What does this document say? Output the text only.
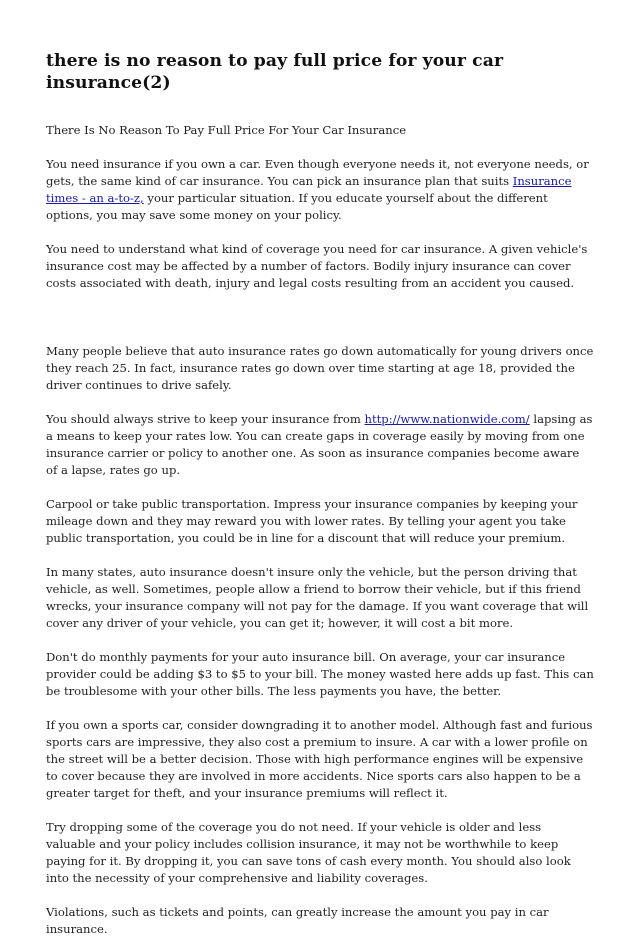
there is no reason to pay full price for your car insurance(2)
There Is No Reason To Pay Full Price For Your Car Insurance

You need insurance if you own a car. Even though everyone needs it, not everyone needs, or gets, the same kind of car insurance. You can pick an insurance plan that suits Insurance times - an a-to-z, your particular situation. If you educate yourself about the different options, you may save some money on your policy.

You need to understand what kind of coverage you need for car insurance. A given vehicle's insurance cost may be affected by a number of factors. Bodily injury insurance can cover costs associated with death, injury and legal costs resulting from an accident you caused.

Many people believe that auto insurance rates go down automatically for young drivers once they reach 25. In fact, insurance rates go down over time starting at age 18, provided the driver continues to drive safely.

You should always strive to keep your insurance from http://www.nationwide.com/ lapsing as a means to keep your rates low. You can create gaps in coverage easily by moving from one insurance carrier or policy to another one. As soon as insurance companies become aware of a lapse, rates go up.

Carpool or take public transportation. Impress your insurance companies by keeping your mileage down and they may reward you with lower rates. By telling your agent you take public transportation, you could be in line for a discount that will reduce your premium.

In many states, auto insurance doesn't insure only the vehicle, but the person driving that vehicle, as well. Sometimes, people allow a friend to borrow their vehicle, but if this friend wrecks, your insurance company will not pay for the damage. If you want coverage that will cover any driver of your vehicle, you can get it; however, it will cost a bit more.

Don't do monthly payments for your auto insurance bill. On average, your car insurance provider could be adding $3 to $5 to your bill. The money wasted here adds up fast. This can be troublesome with your other bills. The less payments you have, the better.

If you own a sports car, consider downgrading it to another model. Although fast and furious sports cars are impressive, they also cost a premium to insure. A car with a lower profile on the street will be a better decision. Those with high performance engines will be expensive to cover because they are involved in more accidents. Nice sports cars also happen to be a greater target for theft, and your insurance premiums will reflect it.

Try dropping some of the coverage you do not need. If your vehicle is older and less valuable and your policy includes collision insurance, it may not be worthwhile to keep paying for it. By dropping it, you can save tons of cash every month. You should also look into the necessity of your comprehensive and liability coverages.

Violations, such as tickets and points, can greatly increase the amount you pay in car insurance.
